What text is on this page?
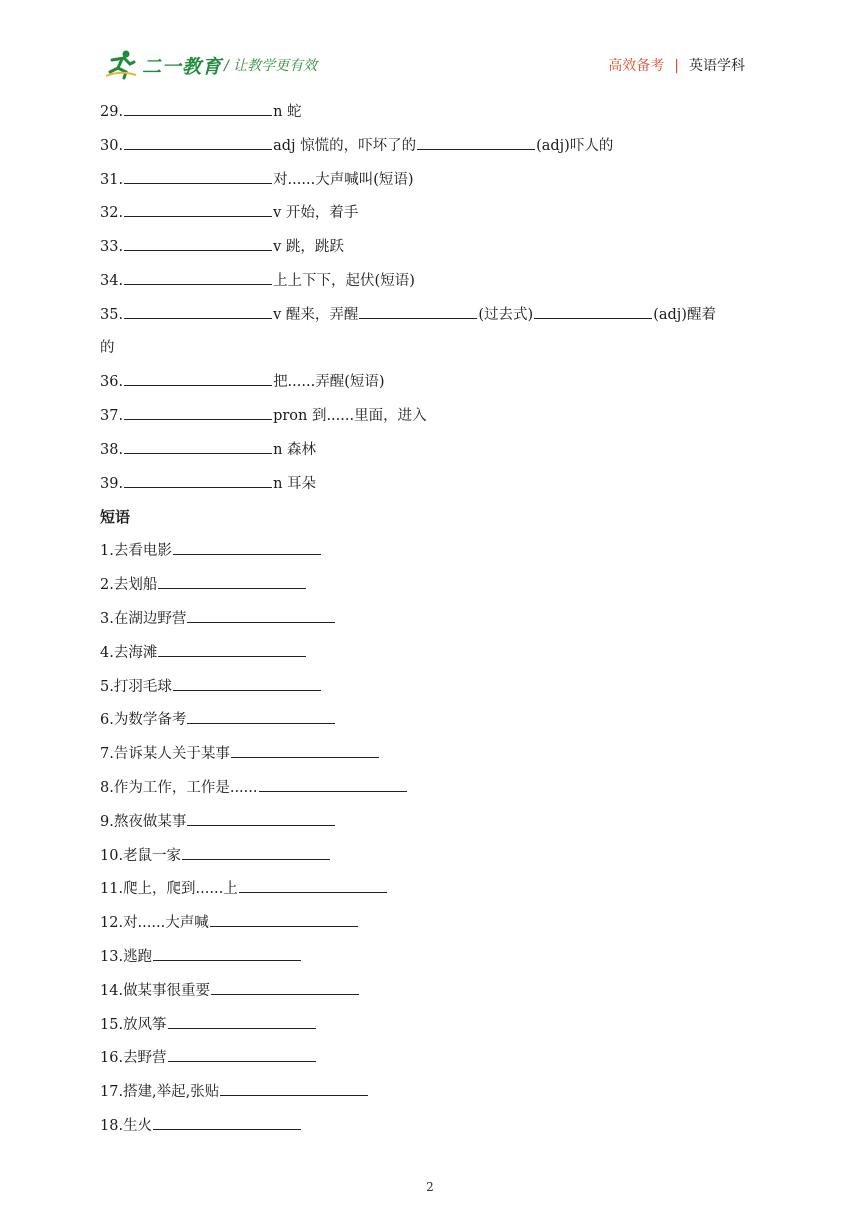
二一教育 / 让教学更有效	高效备考 | 英语学科
29.	n 蛇
30.	adj 惊慌的，吓坏了的	(adj)吓人的
31.	对......大声喊叫(短语)
32.	v 开始，着手
33.	v 跳，跳跃
34.	上上下下，起伏(短语)
35.	v 醒来，弄醒	(过去式)	(adj)醒着
的
36.	把......弄醒(短语)
37.	pron 到......里面，进入
38.	n 森林
39.	n 耳朵
短语
1.去看电影
2.去划船
3.在湖边野营
4.去海滩
5.打羽毛球
6.为数学备考
7.告诉某人关于某事
8.作为工作，工作是......
9.熬夜做某事
10.老鼠一家
11.爬上，爬到......上
12.对......大声喊
13.逃跑
14.做某事很重要
15.放风筝
16.去野营
17.搭建,举起,张贴
18.生火
2
